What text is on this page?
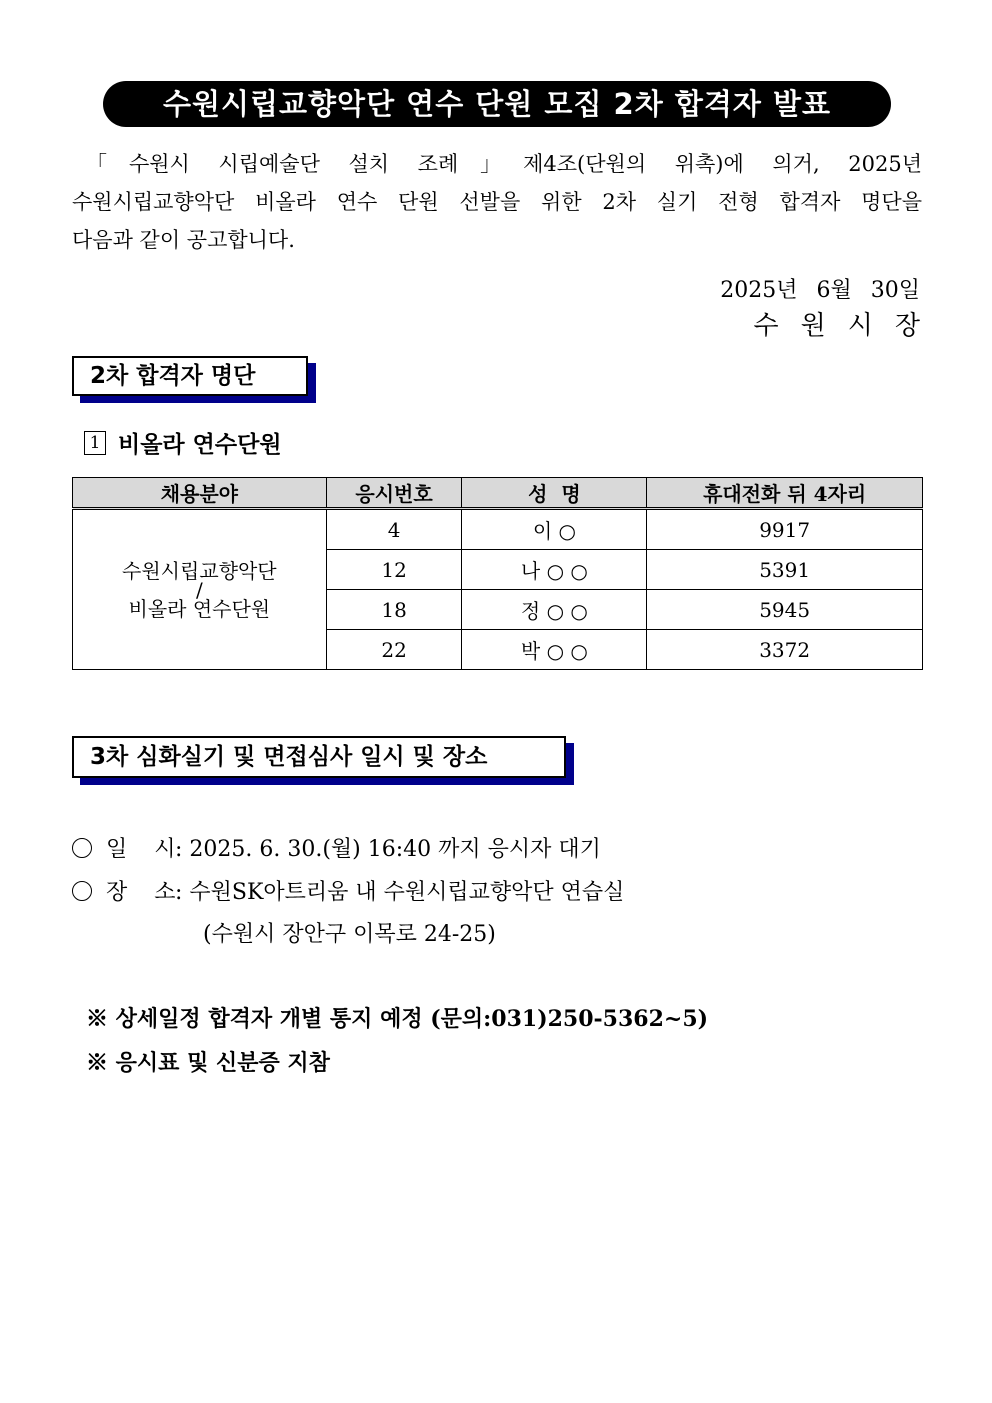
수원시립교향악단 연수 단원 모집 2차 합격자 발표

「수원시 시립예술단 설치 조례」제4조(단원의 위촉)에 의거, 2025년

수원시립교향악단 비올라 연수 단원 선발을 위한 2차 실기 전형 합격자 명단을

다음과 같이 공고합니다.

2025년 6월 30일
수원시장
2차 합격자 명단
1 비올라 연수단원
채용분야	응시번호	성  명	휴대전화 뒤 4자리

수원시립교향악단
/
비올라 연수단원	4	이 ○	9917
	12	나 ○ ○	5391
	18	정 ○ ○	5945
	22	박 ○ ○	3372
3차 심화실기 및 면접심사 일시 및 장소
일 시 : 2025. 6. 30.(월) 16:40 까지 응시자 대기
장 소 : 수원SK아트리움 내 수원시립교향악단 연습실
(수원시 장안구 이목로 24-25)
※ 상세일정 합격자 개별 통지 예정 (문의:031)250-5362~5)
※ 응시표 및 신분증 지참
